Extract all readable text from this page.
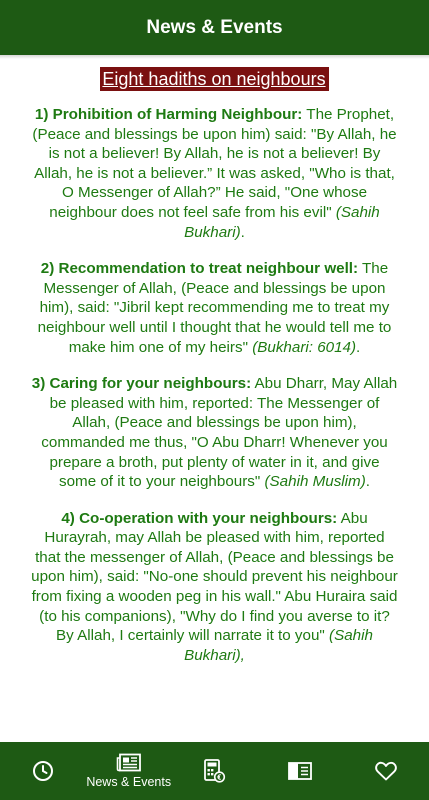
News & Events
Eight hadiths on neighbours

1) Prohibition of Harming Neighbour: The Prophet, (Peace and blessings be upon him) said: "By Allah, he is not a believer! By Allah, he is not a believer! By Allah, he is not a believer.” It was asked, "Who is that, O Messenger of Allah?” He said, "One whose neighbour does not feel safe from his evil" (Sahih Bukhari).

2) Recommendation to treat neighbour well: The Messenger of Allah, (Peace and blessings be upon him), said: "Jibril kept recommending me to treat my neighbour well until I thought that he would tell me to make him one of my heirs" (Bukhari: 6014).

3) Caring for your neighbours: Abu Dharr, May Allah be pleased with him, reported: The Messenger of Allah, (Peace and blessings be upon him), commanded me thus, "O Abu Dharr! Whenever you prepare a broth, put plenty of water in it, and give some of it to your neighbours" (Sahih Muslim).

4) Co-operation with your neighbours: Abu Hurayrah, may Allah be pleased with him, reported that the messenger of Allah, (Peace and blessings be upon him), said: "No-one should prevent his neighbour from fixing a wooden peg in his wall." Abu Huraira said (to his companions), "Why do I find you averse to it? By Allah, I certainly will narrate it to you" (Sahih Bukhari),

News & Events
